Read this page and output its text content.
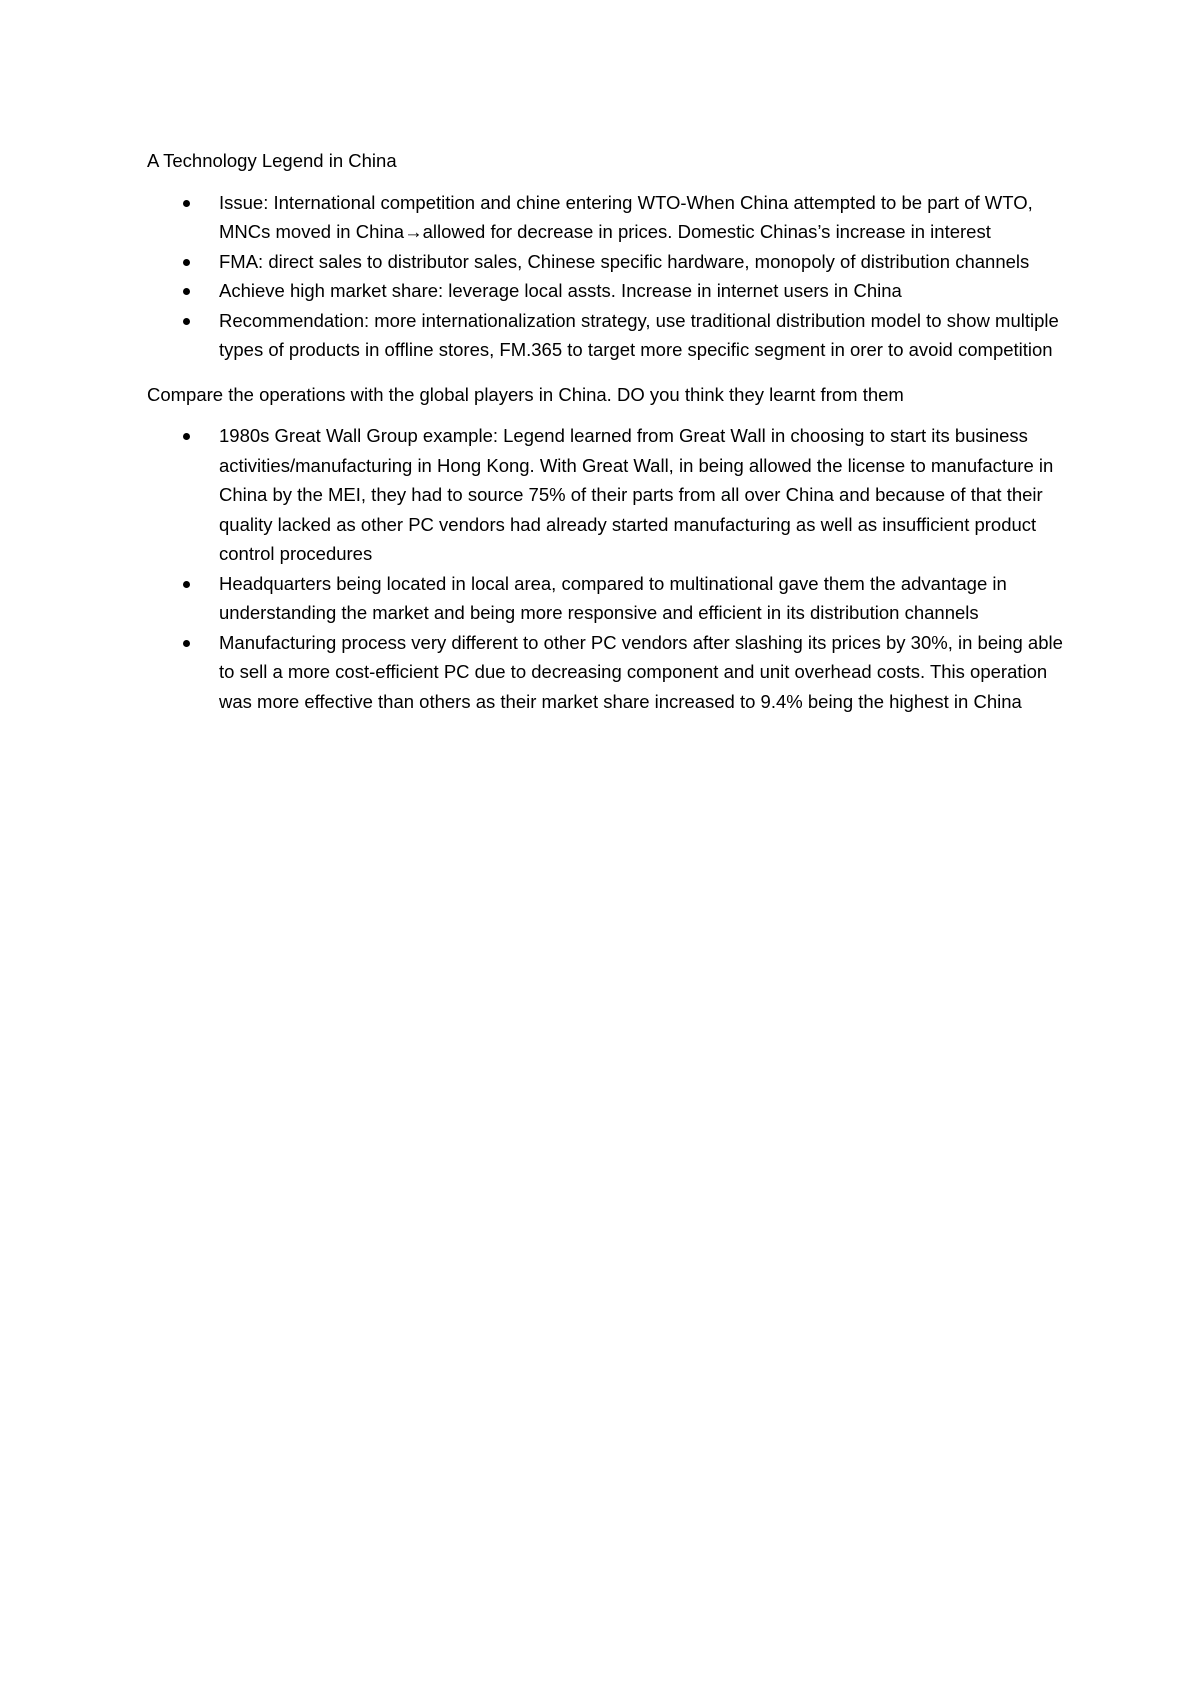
A Technology Legend in China
Issue: International competition and chine entering WTO-When China attempted to be part of WTO, MNCs moved in China→allowed for decrease in prices. Domestic Chinas’s increase in interest
FMA: direct sales to distributor sales, Chinese specific hardware, monopoly of distribution channels
Achieve high market share: leverage local assts. Increase in internet users in China
Recommendation: more internationalization strategy, use traditional distribution model to show multiple types of products in offline stores, FM.365 to target more specific segment in orer to avoid competition
Compare the operations with the global players in China. DO you think they learnt from them
1980s Great Wall Group example: Legend learned from Great Wall in choosing to start its business activities/manufacturing in Hong Kong. With Great Wall, in being allowed the license to manufacture in China by the MEI, they had to source 75% of their parts from all over China and because of that their quality lacked as other PC vendors had already started manufacturing as well as insufficient product control procedures
Headquarters being located in local area, compared to multinational gave them the advantage in understanding the market and being more responsive and efficient in its distribution channels
Manufacturing process very different to other PC vendors after slashing its prices by 30%, in being able to sell a more cost-efficient PC due to decreasing component and unit overhead costs. This operation was more effective than others as their market share increased to 9.4% being the highest in China
